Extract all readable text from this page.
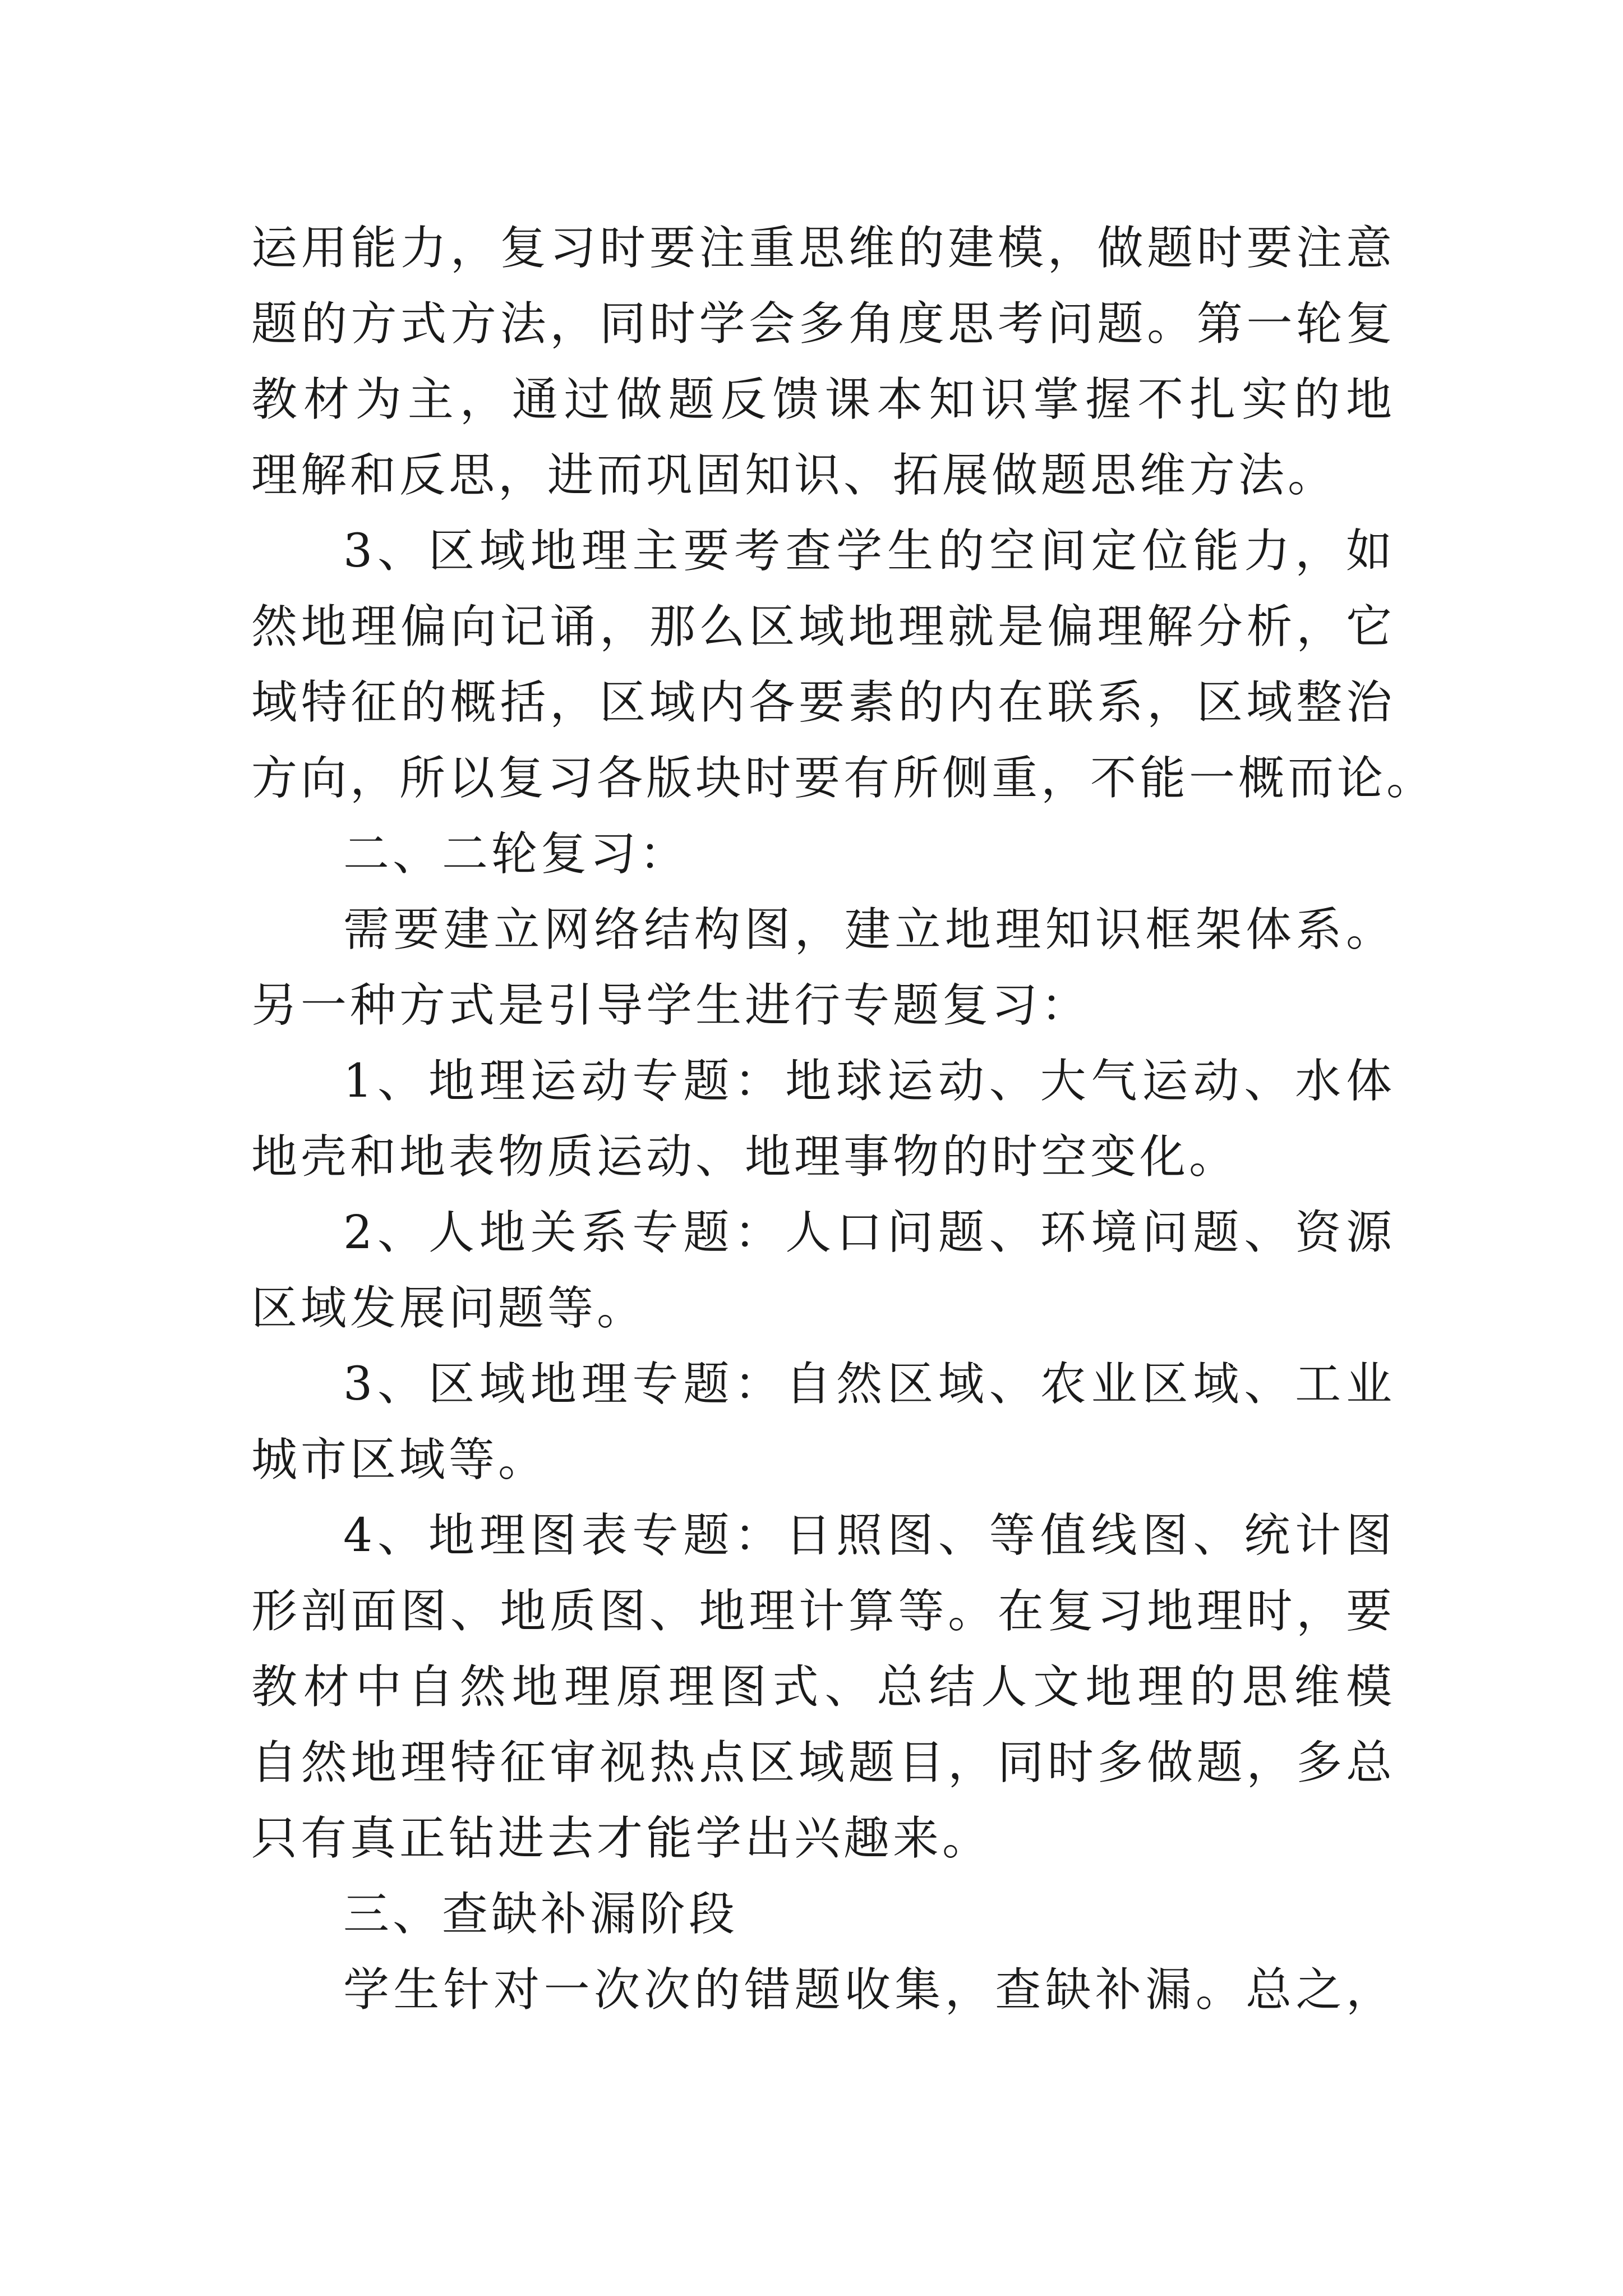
运用能力，复习时要注重思维的建模，做题时要注意
题的方式方法，同时学会多角度思考问题。第一轮复
教材为主，通过做题反馈课本知识掌握不扎实的地
理解和反思，进而巩固知识、拓展做题思维方法。
3、区域地理主要考查学生的空间定位能力，如
然地理偏向记诵，那么区域地理就是偏理解分析，它
域特征的概括，区域内各要素的内在联系，区域整治
方向，所以复习各版块时要有所侧重，不能一概而论。
二、二轮复习：
需要建立网络结构图，建立地理知识框架体系。
另一种方式是引导学生进行专题复习：
1、地理运动专题：地球运动、大气运动、水体
地壳和地表物质运动、地理事物的时空变化。
2、人地关系专题：人口问题、环境问题、资源
区域发展问题等。
3、区域地理专题：自然区域、农业区域、工业
城市区域等。
4、地理图表专题：日照图、等值线图、统计图
形剖面图、地质图、地理计算等。在复习地理时，要
教材中自然地理原理图式、总结人文地理的思维模
自然地理特征审视热点区域题目，同时多做题，多总
只有真正钻进去才能学出兴趣来。
三、查缺补漏阶段
学生针对一次次的错题收集，查缺补漏。总之，
